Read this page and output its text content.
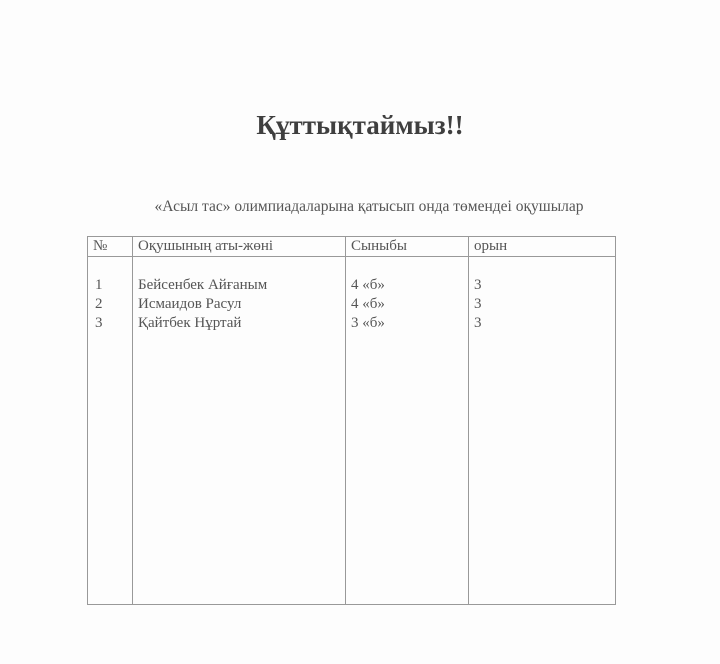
Құттықтаймыз!!
«Асыл тас» олимпиадаларына қатысып онда төмендеі оқушылар
№ Оқушының аты-жөні	Сыныбы	орын
1 Бейсенбек Айғаным	4 «б»	3
2 Исмаидов Расул	4 «б»	3
3 Қайтбек Нұртай	3 «б»	3
